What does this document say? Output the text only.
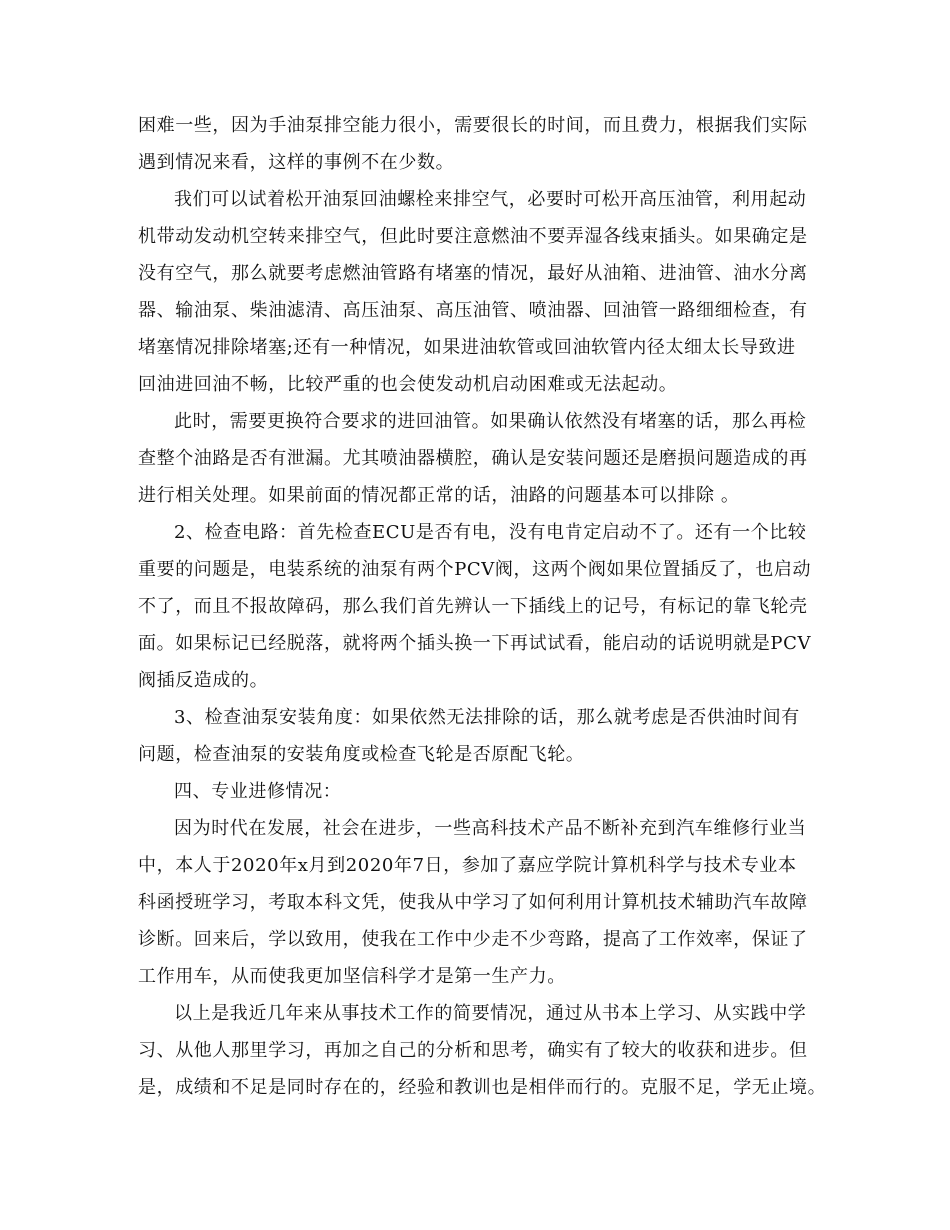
困难一些，因为手油泵排空能力很小，需要很长的时间，而且费力，根据我们实际
遇到情况来看，这样的事例不在少数。
我们可以试着松开油泵回油螺栓来排空气，必要时可松开高压油管，利用起动
机带动发动机空转来排空气，但此时要注意燃油不要弄湿各线束插头。如果确定是
没有空气，那么就要考虑燃油管路有堵塞的情况，最好从油箱、进油管、油水分离
器、输油泵、柴油滤清、高压油泵、高压油管、喷油器、回油管一路细细检查，有
堵塞情况排除堵塞;还有一种情况，如果进油软管或回油软管内径太细太长导致进
回油进回油不畅，比较严重的也会使发动机启动困难或无法起动。
此时，需要更换符合要求的进回油管。如果确认依然没有堵塞的话，那么再检
查整个油路是否有泄漏。尤其喷油器横腔，确认是安装问题还是磨损问题造成的再
进行相关处理。如果前面的情况都正常的话，油路的问题基本可以排除 。
2、检查电路：首先检查ECU是否有电，没有电肯定启动不了。还有一个比较
重要的问题是，电装系统的油泵有两个PCV阀，这两个阀如果位置插反了，也启动
不了，而且不报故障码，那么我们首先辨认一下插线上的记号，有标记的靠飞轮壳
面。如果标记已经脱落，就将两个插头换一下再试试看，能启动的话说明就是PCV
阀插反造成的。
3、检查油泵安装角度：如果依然无法排除的话，那么就考虑是否供油时间有
问题，检查油泵的安装角度或检查飞轮是否原配飞轮。
四、专业进修情况：
因为时代在发展，社会在进步，一些高科技术产品不断补充到汽车维修行业当
中，本人于2020年x月到2020年7日，参加了嘉应学院计算机科学与技术专业本
科函授班学习，考取本科文凭，使我从中学习了如何利用计算机技术辅助汽车故障
诊断。回来后，学以致用，使我在工作中少走不少弯路，提高了工作效率，保证了
工作用车，从而使我更加坚信科学才是第一生产力。
以上是我近几年来从事技术工作的简要情况，通过从书本上学习、从实践中学
习、从他人那里学习，再加之自己的分析和思考，确实有了较大的收获和进步。但
是，成绩和不足是同时存在的，经验和教训也是相伴而行的。克服不足，学无止境。
